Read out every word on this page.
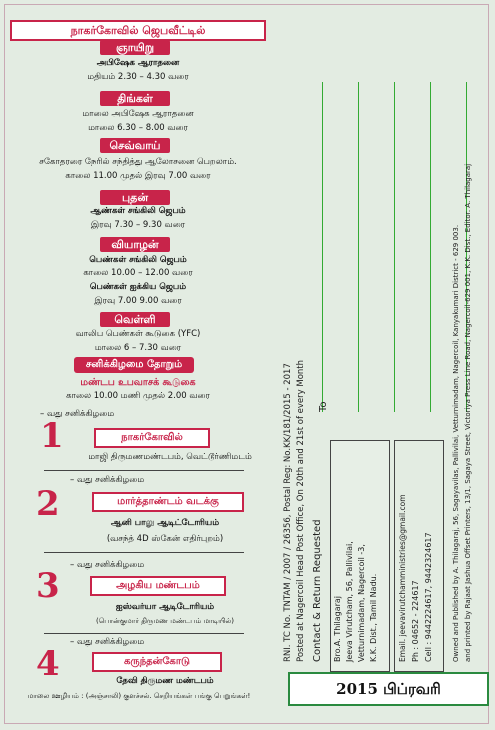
நாகர்கோவில் ஜெபவீட்டில்
ஞாயிறு
அபிஷேக ஆராதனை
மதியம் 2.30 – 4.30 வரை
திங்கள்
மாலை அபிஷேக ஆராதனை
மாலை 6.30 – 8.00 வரை
செவ்வாய்
சகோதரரை நேரில் சந்தித்து ஆலோசனை பெறலாம்.
காலை 11.00 முதல் இரவு 7.00 வரை
புதன்
ஆண்கள் சங்கிலி ஜெபம்
இரவு 7.30 – 9.30 வரை
வியாழன்
பெண்கள் சங்கிலி ஜெபம்
காலை 10.00 – 12.00 வரை
பெண்கள் ஐக்கிய ஜெபம்
இரவு 7.00 9.00 வரை
வெள்ளி
வாலிப பெண்கள் கூடுகை (YFC)
மாலை 6 – 7.30 வரை
சனிக்கிழமை தோறும்
மண்டப உபவாசக் கூடுகை
காலை 10.00 மணி முதல் 2.00 வரை
– வது சனிக்கிழமை
1	நாகர்கோவில்
மாஜி திருமணமண்டபம், வெட்டூர்ணிமடம்
– வது சனிக்கிழமை
2	மார்த்தாண்டம் வடக்கு
ஆனி பாலு ஆடிட்டோரியம்
(வசந்த் 4D ஸ்கேன் எதிர்புறம்)
– வது சனிக்கிழமை
3	அழகிய மண்டபம்
ஐஸ்வர்யா ஆடிடோரியம்
(பொன்குமார் திருமண மண்டபம் மாடியில்)
– வது சனிக்கிழமை
4	கருந்தன்கோடு
தேவி திருமண மண்டபம்
மாலை ஊழியம் : (அஞ்சாலி) குளச்சல். செறியங்கள் பங்கு பெறுங்கள்!
RNI. TC No. TNTAM / 2007 / 26356, Postal Reg: No.KK/181/2015 - 2017 Posted at Nagercoil Head Post Office, On 20th and 21st of every Month To
Contact & Return Requested Bro.A. Thilagaraj Jeeva Virutcham, 56, Pallivilai, Vetturnimadam, Nagercoil -3, K.K. Dist., Tamil Nadu.	Email. jeevavirutchamministries@gmail.com Ph : 04652 - 224617 Cell : 9442224617, 9442324617	Owned and Published by A. Thilagaraj, 56, Sagayavilas, Pallivilai, Vetturnimadam, Nagercoil, Kanyakumari District - 629 003. and printed by Rajaat Jashua Offset Printers, 13/1, Sagaya Street, Victoriya Press Line Road, Nagercoil-629 001, K.K. Dist., Editor. A. Thilagaraj
2015 பிப்ரவரி
